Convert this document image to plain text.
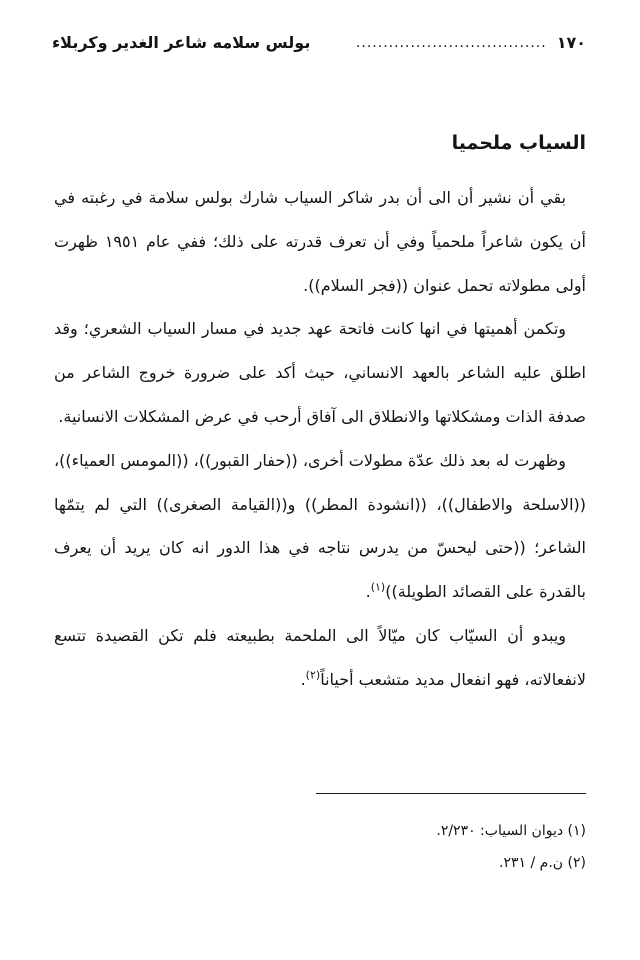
١٧٠
...................................
بولس سلامه شاعر الغدير وكربلاء
السياب ملحميا

بقي أن نشير أن الى أن بدر شاكر السياب شارك بولس سلامة في رغبته في أن يكون شاعراً ملحمياً وفي أن تعرف قدرته على ذلك؛ ففي عام ١٩٥١ ظهرت أولى مطولاته تحمل عنوان ((فجر السلام)).

وتكمن أهميتها في انها كانت فاتحة عهد جديد في مسار السياب الشعري؛ وقد اطلق عليه الشاعر بالعهد الانساني، حيث أكد على ضرورة خروج الشاعر من صدفة الذات ومشكلاتها والانطلاق الى آفاق أرحب في عرض المشكلات الانسانية.

وظهرت له بعد ذلك عدّة مطولات أخرى، ((حفار القبور))، ((المومس العمياء))، ((الاسلحة والاطفال))، ((انشودة المطر)) و((القيامة الصغرى)) التي لم يتمّها الشاعر؛ ((حتى ليحسّ من يدرس نتاجه في هذا الدور انه كان يريد أن يعرف بالقدرة على القصائد الطويلة))$^{(١)}$.

ويبدو أن السيّاب كان ميّالاً الى الملحمة بطبيعته فلم تكن القصيدة تتسع لانفعالاته، فهو انفعال مديد متشعب أحياناً$^{(٢)}$.

(١) ديوان السياب: ٢/٢٣٠.
(٢) ن.م / ٢٣١.
